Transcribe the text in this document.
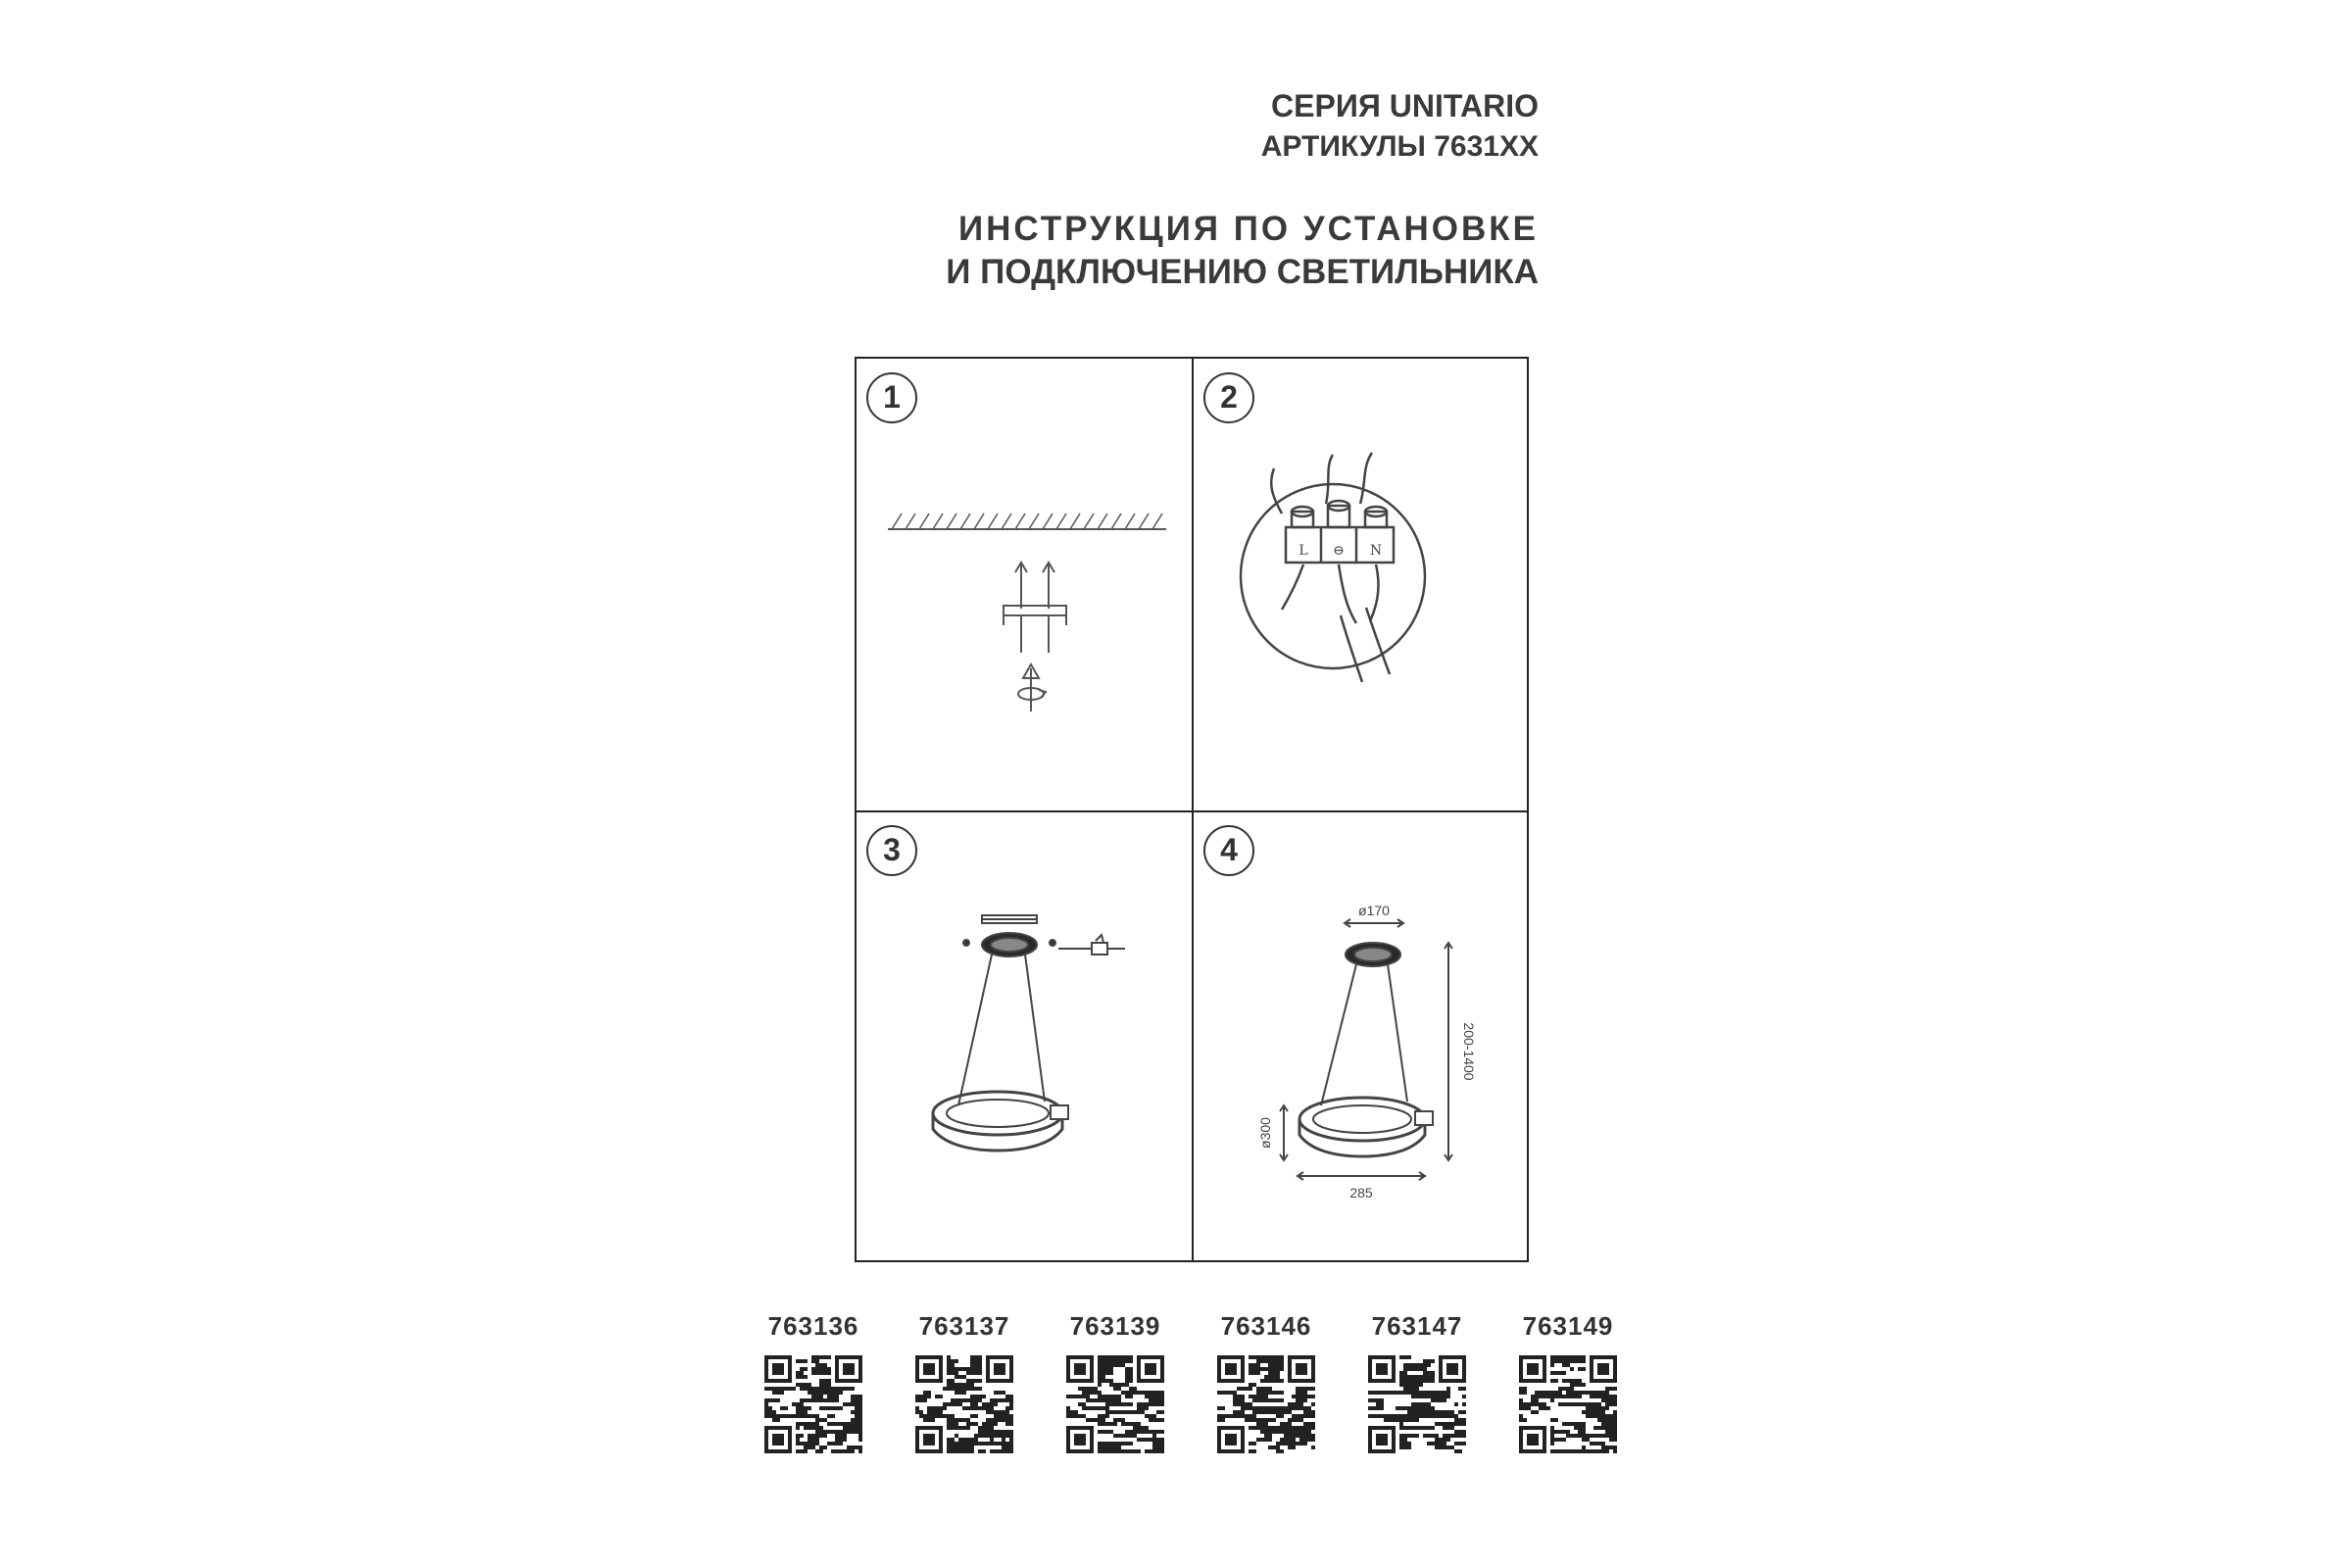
СЕРИЯ UNITARIO
АРТИКУЛЫ 7631XX
ИНСТРУКЦИЯ ПО УСТАНОВКЕ
И ПОДКЛЮЧЕНИЮ СВЕТИЛЬНИКА
1
L ⊖ N
2
3
ø170
200-1400
ø300
285
4
763136	763137	763139	763146	763147	763149
